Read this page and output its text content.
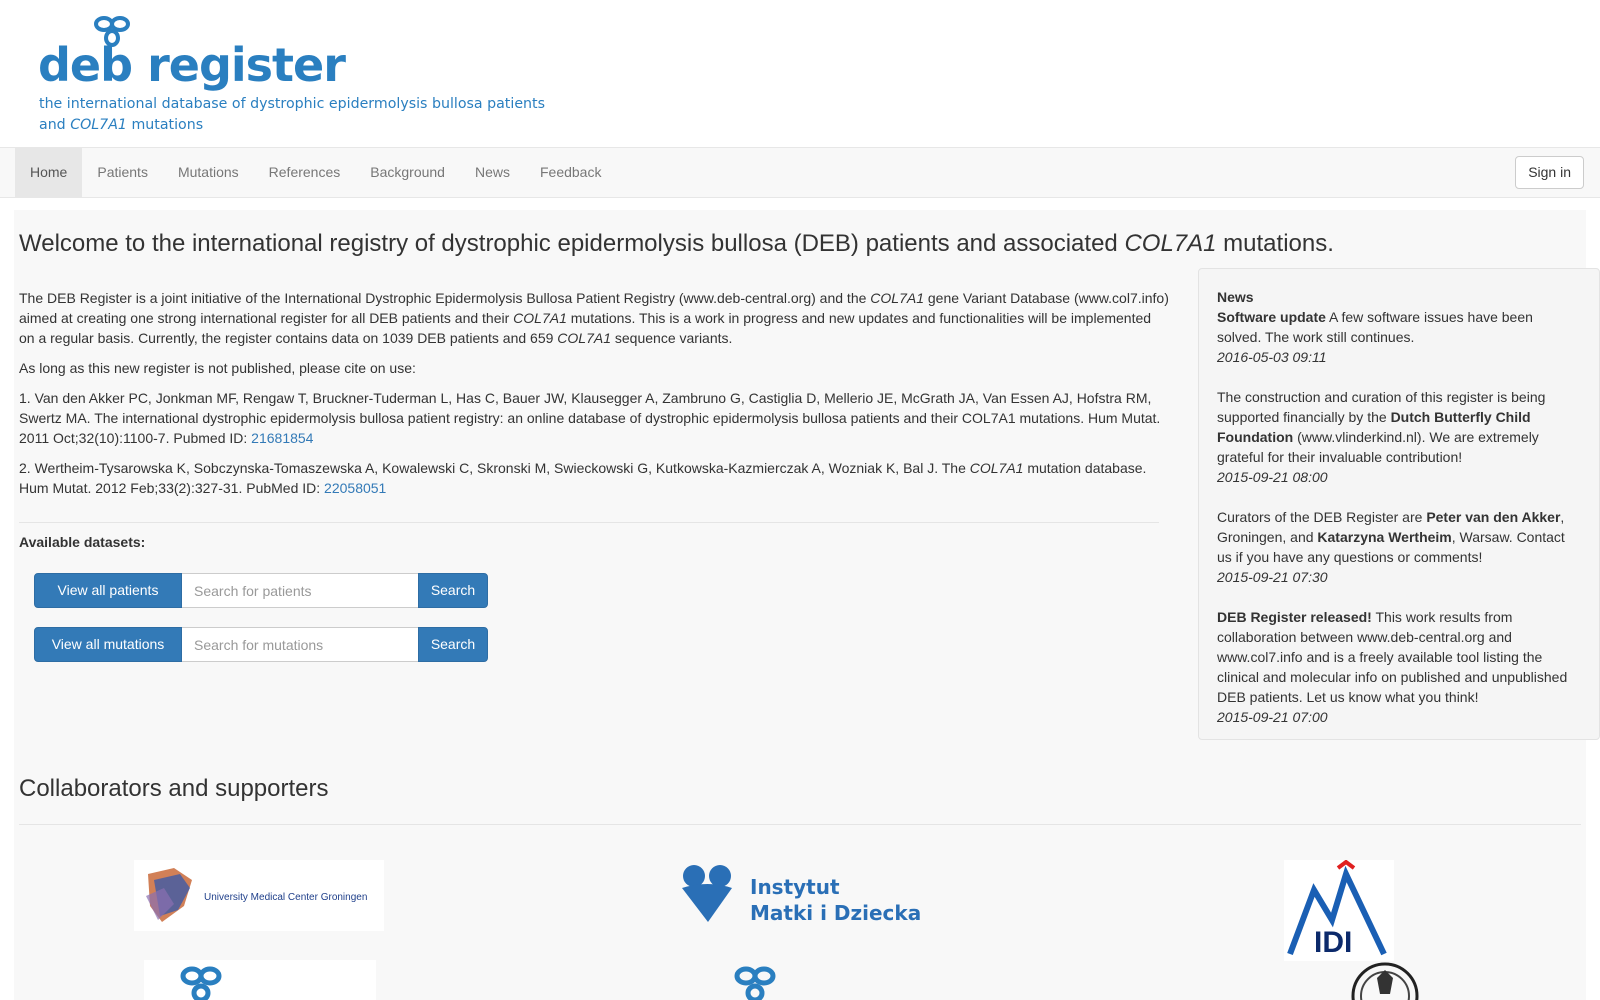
deb register
the international database of dystrophic epidermolysis bullosa patients
and COL7A1 mutations
Home	Patients	Mutations	References	Background	News	Feedback	Sign in
Welcome to the international registry of dystrophic epidermolysis bullosa (DEB) patients and associated COL7A1 mutations.

The DEB Register is a joint initiative of the International Dystrophic Epidermolysis Bullosa Patient Registry (www.deb-central.org) and the COL7A1 gene Variant Database (www.col7.info) aimed at creating one strong international register for all DEB patients and their COL7A1 mutations. This is a work in progress and new updates and functionalities will be implemented on a regular basis. Currently, the register contains data on 1039 DEB patients and 659 COL7A1 sequence variants.

As long as this new register is not published, please cite on use:

1. Van den Akker PC, Jonkman MF, Rengaw T, Bruckner-Tuderman L, Has C, Bauer JW, Klausegger A, Zambruno G, Castiglia D, Mellerio JE, McGrath JA, Van Essen AJ, Hofstra RM, Swertz MA. The international dystrophic epidermolysis bullosa patient registry: an online database of dystrophic epidermolysis bullosa patients and their COL7A1 mutations. Hum Mutat. 2011 Oct;32(10):1100-7. Pubmed ID: 21681854

2. Wertheim-Tysarowska K, Sobczynska-Tomaszewska A, Kowalewski C, Skronski M, Swieckowski G, Kutkowska-Kazmierczak A, Wozniak K, Bal J. The COL7A1 mutation database. Hum Mutat. 2012 Feb;33(2):327-31. PubMed ID: 22058051

Available datasets:
View all patients
Search for patients	Search
View all mutations
Search for mutations	Search
News
Software update A few software issues have been solved. The work still continues.
2016-05-03 09:11
The construction and curation of this register is being supported financially by the Dutch Butterfly Child Foundation (www.vlinderkind.nl). We are extremely grateful for their invaluable contribution!
2015-09-21 08:00
Curators of the DEB Register are Peter van den Akker, Groningen, and Katarzyna Wertheim, Warsaw. Contact us if you have any questions or comments!
2015-09-21 07:30
DEB Register released! This work results from collaboration between www.deb-central.org and www.col7.info and is a freely available tool listing the clinical and molecular info on published and unpublished DEB patients. Let us know what you think!
2015-09-21 07:00
Collaborators and supporters
University Medical Center Groningen	Instytut
Matki i Dziecka
IDI
